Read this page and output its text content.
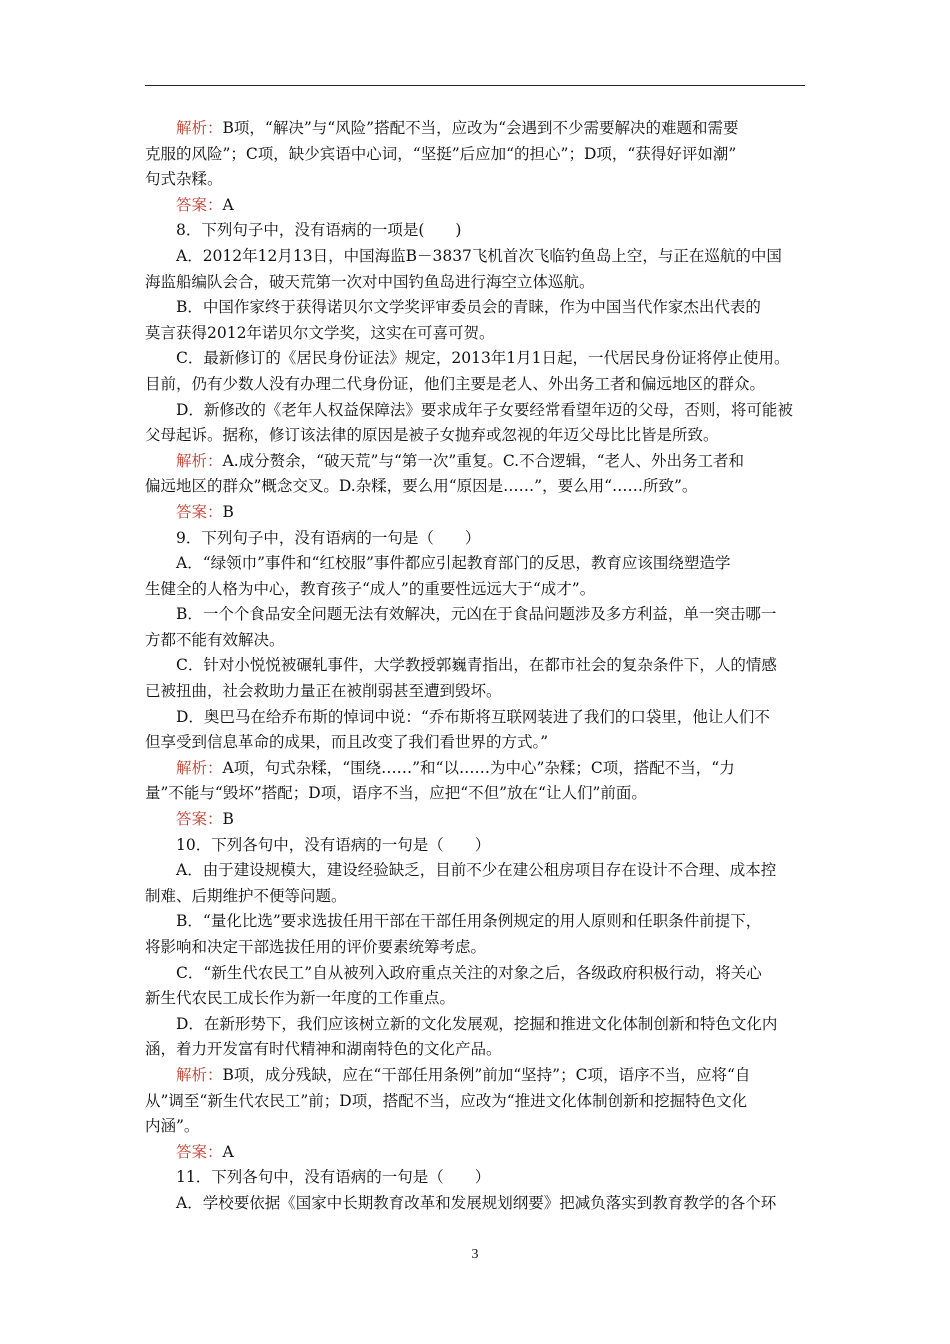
解析：B项，“解决”与“风险”搭配不当，应改为“会遇到不少需要解决的难题和需要
克服的风险”；C项，缺少宾语中心词，“坚挺”后应加“的担心”；D项，“获得好评如潮”
句式杂糅。
答案：A
8．下列句子中，没有语病的一项是(　　)
A．2012年12月13日，中国海监B－3837飞机首次飞临钓鱼岛上空，与正在巡航的中国
海监船编队会合，破天荒第一次对中国钓鱼岛进行海空立体巡航。
B．中国作家终于获得诺贝尔文学奖评审委员会的青睐，作为中国当代作家杰出代表的
莫言获得2012年诺贝尔文学奖，这实在可喜可贺。
C．最新修订的《居民身份证法》规定，2013年1月1日起，一代居民身份证将停止使用。
目前，仍有少数人没有办理二代身份证，他们主要是老人、外出务工者和偏远地区的群众。
D．新修改的《老年人权益保障法》要求成年子女要经常看望年迈的父母，否则，将可能被
父母起诉。据称，修订该法律的原因是被子女抛弃或忽视的年迈父母比比皆是所致。
解析：A.成分赘余，“破天荒”与“第一次”重复。C.不合逻辑，“老人、外出务工者和
偏远地区的群众”概念交叉。D.杂糅，要么用“原因是……”，要么用“……所致”。
答案：B
9．下列句子中，没有语病的一句是（　　）
A．“绿领巾”事件和“红校服”事件都应引起教育部门的反思，教育应该围绕塑造学
生健全的人格为中心，教育孩子“成人”的重要性远远大于“成才”。
B．一个个食品安全问题无法有效解决，元凶在于食品问题涉及多方利益，单一突击哪一
方都不能有效解决。
C．针对小悦悦被碾轧事件，大学教授郭巍青指出，在都市社会的复杂条件下，人的情感
已被扭曲，社会救助力量正在被削弱甚至遭到毁坏。
D．奥巴马在给乔布斯的悼词中说：“乔布斯将互联网装进了我们的口袋里，他让人们不
但享受到信息革命的成果，而且改变了我们看世界的方式。”
解析：A项，句式杂糅，“围绕……”和“以……为中心”杂糅；C项，搭配不当，“力
量”不能与“毁坏”搭配；D项，语序不当，应把“不但”放在“让人们”前面。
答案：B
10．下列各句中，没有语病的一句是（　　）
A．由于建设规模大，建设经验缺乏，目前不少在建公租房项目存在设计不合理、成本控
制难、后期维护不便等问题。
B．“量化比选”要求选拔任用干部在干部任用条例规定的用人原则和任职条件前提下，
将影响和决定干部选拔任用的评价要素统筹考虑。
C．“新生代农民工”自从被列入政府重点关注的对象之后，各级政府积极行动，将关心
新生代农民工成长作为新一年度的工作重点。
D．在新形势下，我们应该树立新的文化发展观，挖掘和推进文化体制创新和特色文化内
涵，着力开发富有时代精神和湖南特色的文化产品。
解析：B项，成分残缺，应在“干部任用条例”前加“坚持”；C项，语序不当，应将“自
从”调至“新生代农民工”前；D项，搭配不当，应改为“推进文化体制创新和挖掘特色文化
内涵”。
答案：A
11．下列各句中，没有语病的一句是（　　）
A．学校要依据《国家中长期教育改革和发展规划纲要》把减负落实到教育教学的各个环
3
